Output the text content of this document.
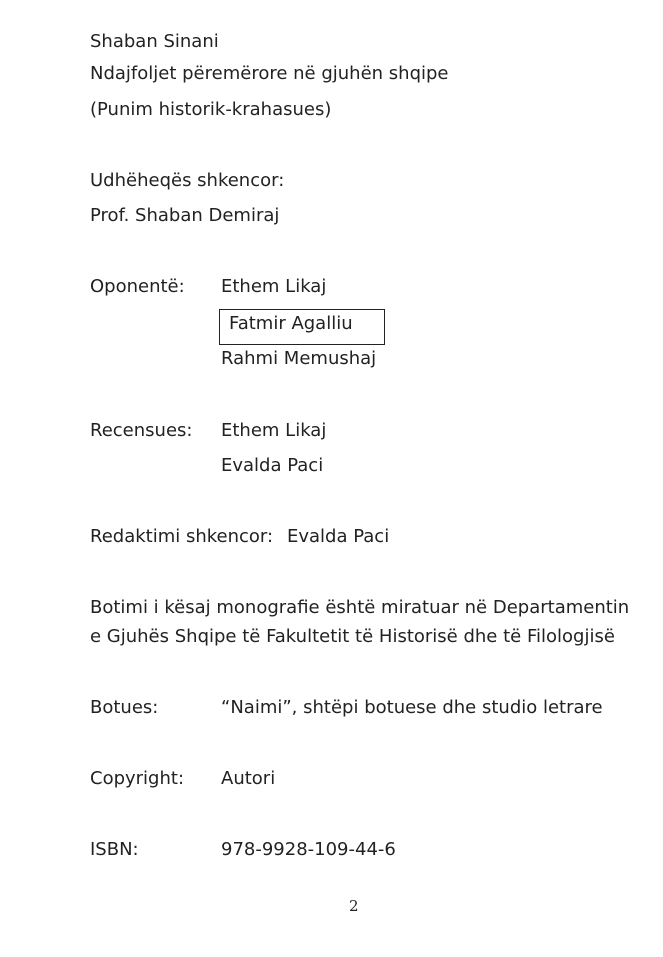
Shaban Sinani
Ndajfoljet përemërore në gjuhën shqipe
(Punim historik-krahasues)
Udhëheqës shkencor:
Prof. Shaban Demiraj
Oponentë: Ethem Likaj
Fatmir Agalliu
Rahmi Memushaj
Recensues: Ethem Likaj
Evalda Paci
Redaktimi shkencor: Evalda Paci
Botimi i kësaj monografie është miratuar në Departamentin
e Gjuhës Shqipe të Fakultetit të Historisë dhe të Filologjisë
Botues:	“Naimi”, shtëpi botuese dhe studio letrare
Copyright: Autori
ISBN:	978-9928-109-44-6
2
